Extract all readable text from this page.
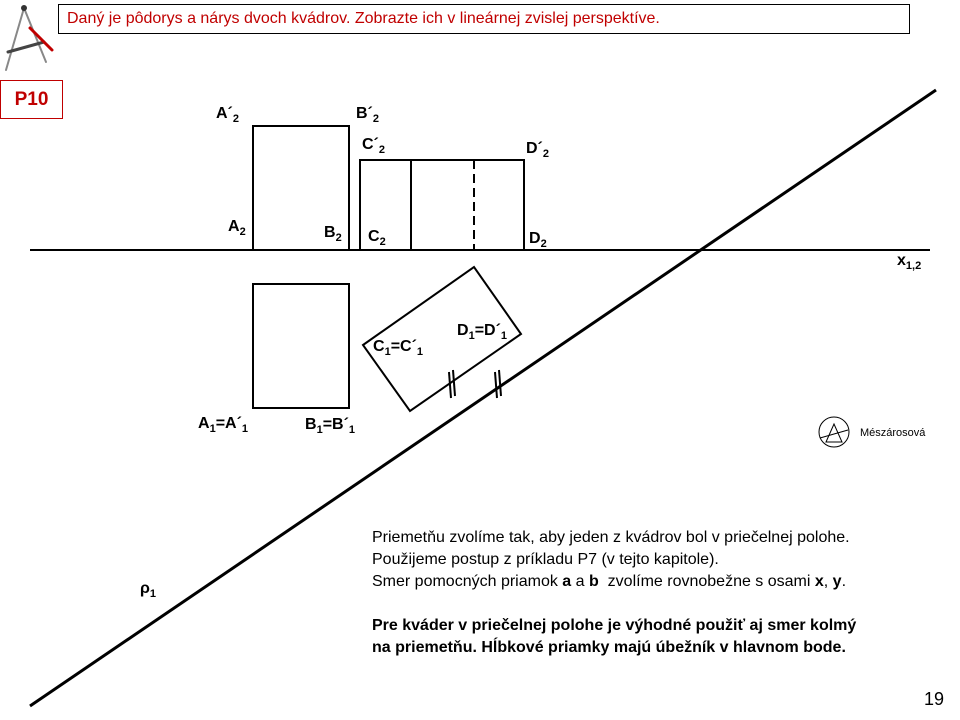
Daný je pôdorys a nárys dvoch kvádrov. Zobrazte ich v lineárnej zvislej perspektíve.
P10
$A´_2$	$B´_2$
$C´_2$	$D´_2$
$A_2$	$B_2$ $C_2$	$D_2$
$x_{1,2}$
$C_1=C´_1$
$D_1=D´_1$
$A_1=A´_1$	$B_1=B´_1$
$\rho_1$

Priemetňu zvolíme tak, aby jeden z kvádrov bol v priečelnej polohe.

Použijeme postup z príkladu P7 (v tejto kapitole).

Smer pomocných priamok a a b  zvolíme rovnobežne s osami x, y.

Pre kváder v priečelnej polohe je výhodné použiť aj smer kolmý

na priemetňu. Hĺbkové priamky majú úbežník v hlavnom bode.

Mészárosová
19
